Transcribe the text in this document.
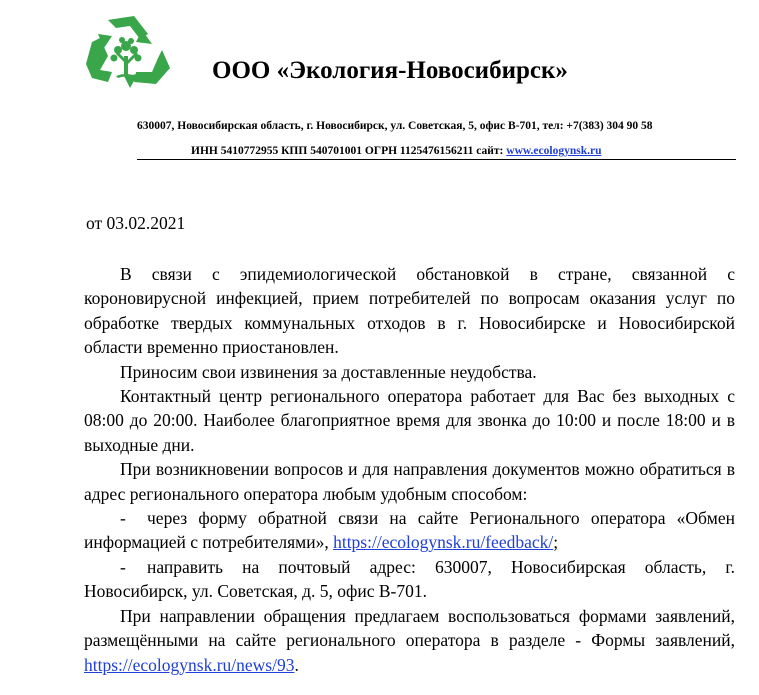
ООО «Экология-Новосибирск»
630007, Новосибирская область, г. Новосибирск, ул. Советская, 5, офис В-701, тел: +7(383) 304 90 58
ИНН 5410772955 КПП 540701001 ОГРН 1125476156211 сайт: www.ecologynsk.ru
от 03.02.2021

В связи с эпидемиологической обстановкой в стране, связанной с короновирусной инфекцией, прием потребителей по вопросам оказания услуг по обработке твердых коммунальных отходов в г. Новосибирске и Новосибирской области временно приостановлен.

Приносим свои извинения за доставленные неудобства.

Контактный центр регионального оператора работает для Вас без выходных с 08:00 до 20:00. Наиболее благоприятное время для звонка до 10:00 и после 18:00 и в выходные дни.

При возникновении вопросов и для направления документов можно обратиться в адрес регионального оператора любым удобным способом:

- через форму обратной связи на сайте Регионального оператора «Обмен информацией с потребителями», https://ecologynsk.ru/feedback/;

- направить на почтовый адрес: 630007, Новосибирская область, г. Новосибирск, ул. Советская, д. 5, офис В-701.

При направлении обращения предлагаем воспользоваться формами заявлений, размещёнными на сайте регионального оператора в разделе - Формы заявлений, https://ecologynsk.ru/news/93.
